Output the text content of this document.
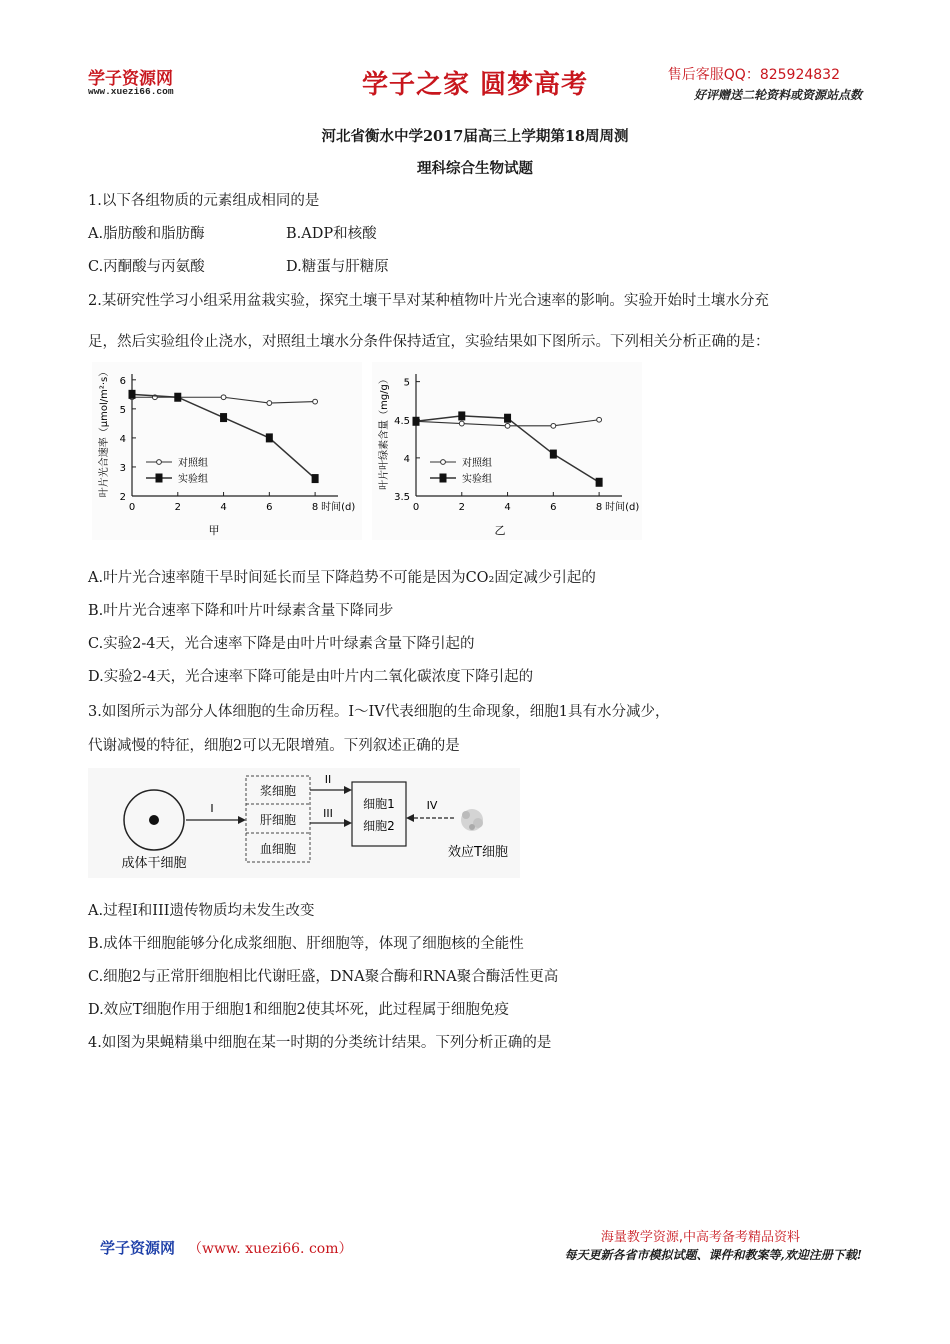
学子资源网
www.xuezi66.com	学子之家 圆梦高考	售后客服QQ：825924832
好评赠送二轮资料或资源站点数
河北省衡水中学2017届高三上学期第18周周测
理科综合生物试题
1.以下各组物质的元素组成相同的是
A.脂肪酸和脂肪酶	B.ADP和核酸
C.丙酮酸与丙氨酸	D.糖蛋与肝糖原
2.某研究性学习小组采用盆栽实验，探究土壤干旱对某种植物叶片光合速率的影响。实验开始时土壤水分充
足，然后实验组伶止浇水，对照组土壤水分条件保持适宜，实验结果如下图所示。下列相关分析正确的是：
叶片光合速率（μmol/m²·s）
甲
0	2	4	6	8 时间(d)
2
3
4
5
6
对照组
实验组	叶片叶绿素含量（mg/g）
乙
0	2	4	6	8 时间(d)
3.5
4
4.5
5
对照组
实验组
A.叶片光合速率随干旱时间延长而呈下降趋势不可能是因为CO₂固定减少引起的
B.叶片光合速率下降和叶片叶绿素含量下降同步
C.实验2-4天，光合速率下降是由叶片叶绿素含量下降引起的
D.实验2-4天，光合速率下降可能是由叶片内二氧化碳浓度下降引起的
3.如图所示为部分人体细胞的生命历程。I～IV代表细胞的生命现象，细胞1具有水分减少，
代谢减慢的特征，细胞2可以无限增殖。下列叙述正确的是
成体干细胞
I
浆细胞
肝细胞
血细胞
II
III
细胞1
细胞2
IV
效应T细胞
A.过程I和III遗传物质均未发生改变
B.成体干细胞能够分化成浆细胞、肝细胞等，体现了细胞核的全能性
C.细胞2与正常肝细胞相比代谢旺盛，DNA聚合酶和RNA聚合酶活性更高
D.效应T细胞作用于细胞1和细胞2使其坏死，此过程属于细胞免疫
4.如图为果蝇精巢中细胞在某一时期的分类统计结果。下列分析正确的是
学子资源网 （www. xuezi66. com）
海量教学资源,中高考备考精品资料
每天更新各省市模拟试题、课件和教案等,欢迎注册下载!
